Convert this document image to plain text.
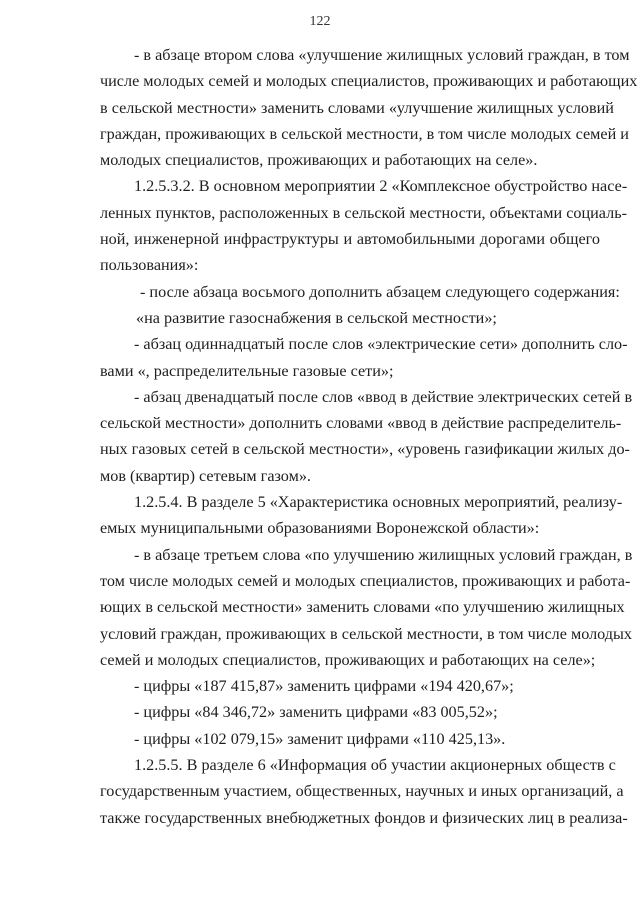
122
- в абзаце втором слова «улучшение жилищных условий граждан, в том
числе молодых семей и молодых специалистов, проживающих и работающих
в сельской местности» заменить словами «улучшение жилищных условий
граждан, проживающих в сельской местности, в том числе молодых семей и
молодых специалистов, проживающих и работающих на селе».
1.2.5.3.2. В основном мероприятии 2 «Комплексное обустройство насе-
ленных пунктов, расположенных в сельской местности, объектами социаль-
ной, инженерной инфраструктуры и автомобильными дорогами общего
пользования»:
- после абзаца восьмого дополнить абзацем следующего содержания:
«на развитие газоснабжения в сельской местности»;
- абзац одиннадцатый после слов «электрические сети» дополнить сло-
вами «, распределительные газовые сети»;
- абзац двенадцатый после слов «ввод в действие электрических сетей в
сельской местности» дополнить словами «ввод в действие распределитель-
ных газовых сетей в сельской местности», «уровень газификации жилых до-
мов (квартир) сетевым газом».
1.2.5.4. В разделе 5 «Характеристика основных мероприятий, реализу-
емых муниципальными образованиями Воронежской области»:
- в абзаце третьем слова «по улучшению жилищных условий граждан, в
том числе молодых семей и молодых специалистов, проживающих и работа-
ющих в сельской местности» заменить словами «по улучшению жилищных
условий граждан, проживающих в сельской местности, в том числе молодых
семей и молодых специалистов, проживающих и работающих на селе»;
- цифры «187 415,87» заменить цифрами «194 420,67»;
- цифры «84 346,72» заменить цифрами «83 005,52»;
- цифры «102 079,15» заменит цифрами «110 425,13».
1.2.5.5. В разделе 6 «Информация об участии акционерных обществ с
государственным участием, общественных, научных и иных организаций, а
также государственных внебюджетных фондов и физических лиц в реализа-
